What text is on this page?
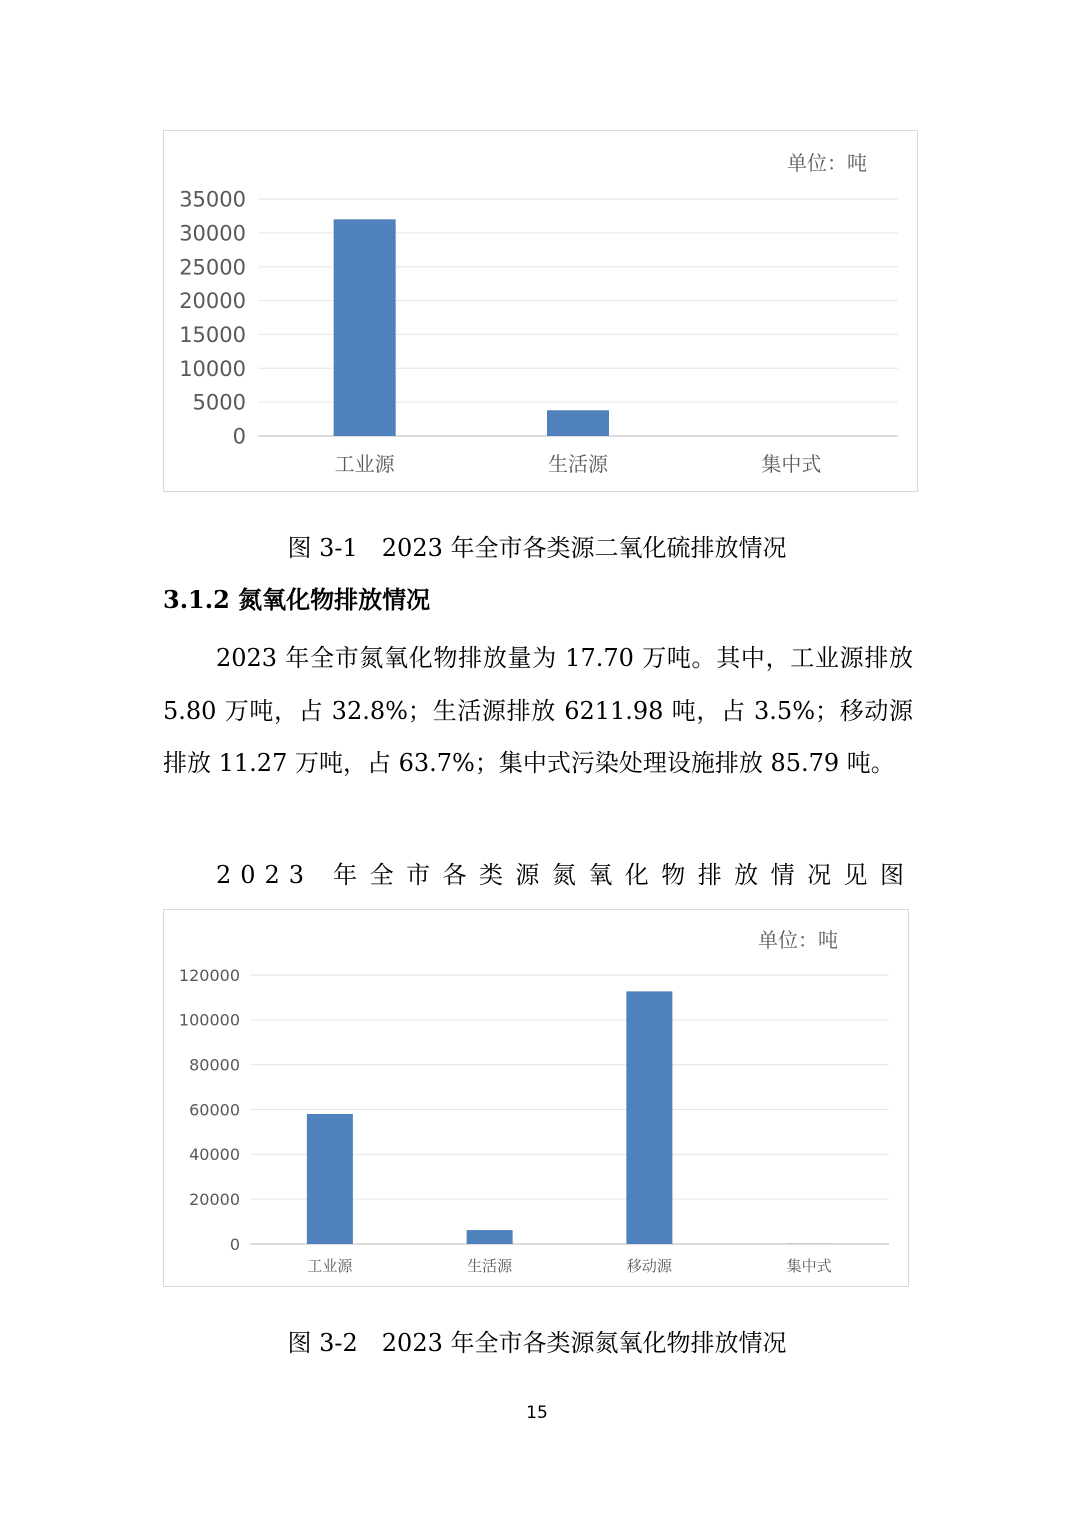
单位：吨
0
5000
10000
15000
20000
25000
30000
35000
工业源	生活源	集中式
图 3-1 2023 年全市各类源二氧化硫排放情况
3.1.2 氮氧化物排放情况
2023 年全市氮氧化物排放量为 17.70 万吨。其中，工业源排放 5.80 万吨，占 32.8%；生活源排放 6211.98 吨，占 3.5%；移动源排放 11.27 万吨，占 63.7%；集中式污染处理设施排放 85.79 吨。
2023 年全市各类源氮氧化物排放情况见图
单位：吨
0
20000
40000
60000
80000
100000
120000
工业源	生活源	移动源	集中式
图 3-2 2023 年全市各类源氮氧化物排放情况
15
